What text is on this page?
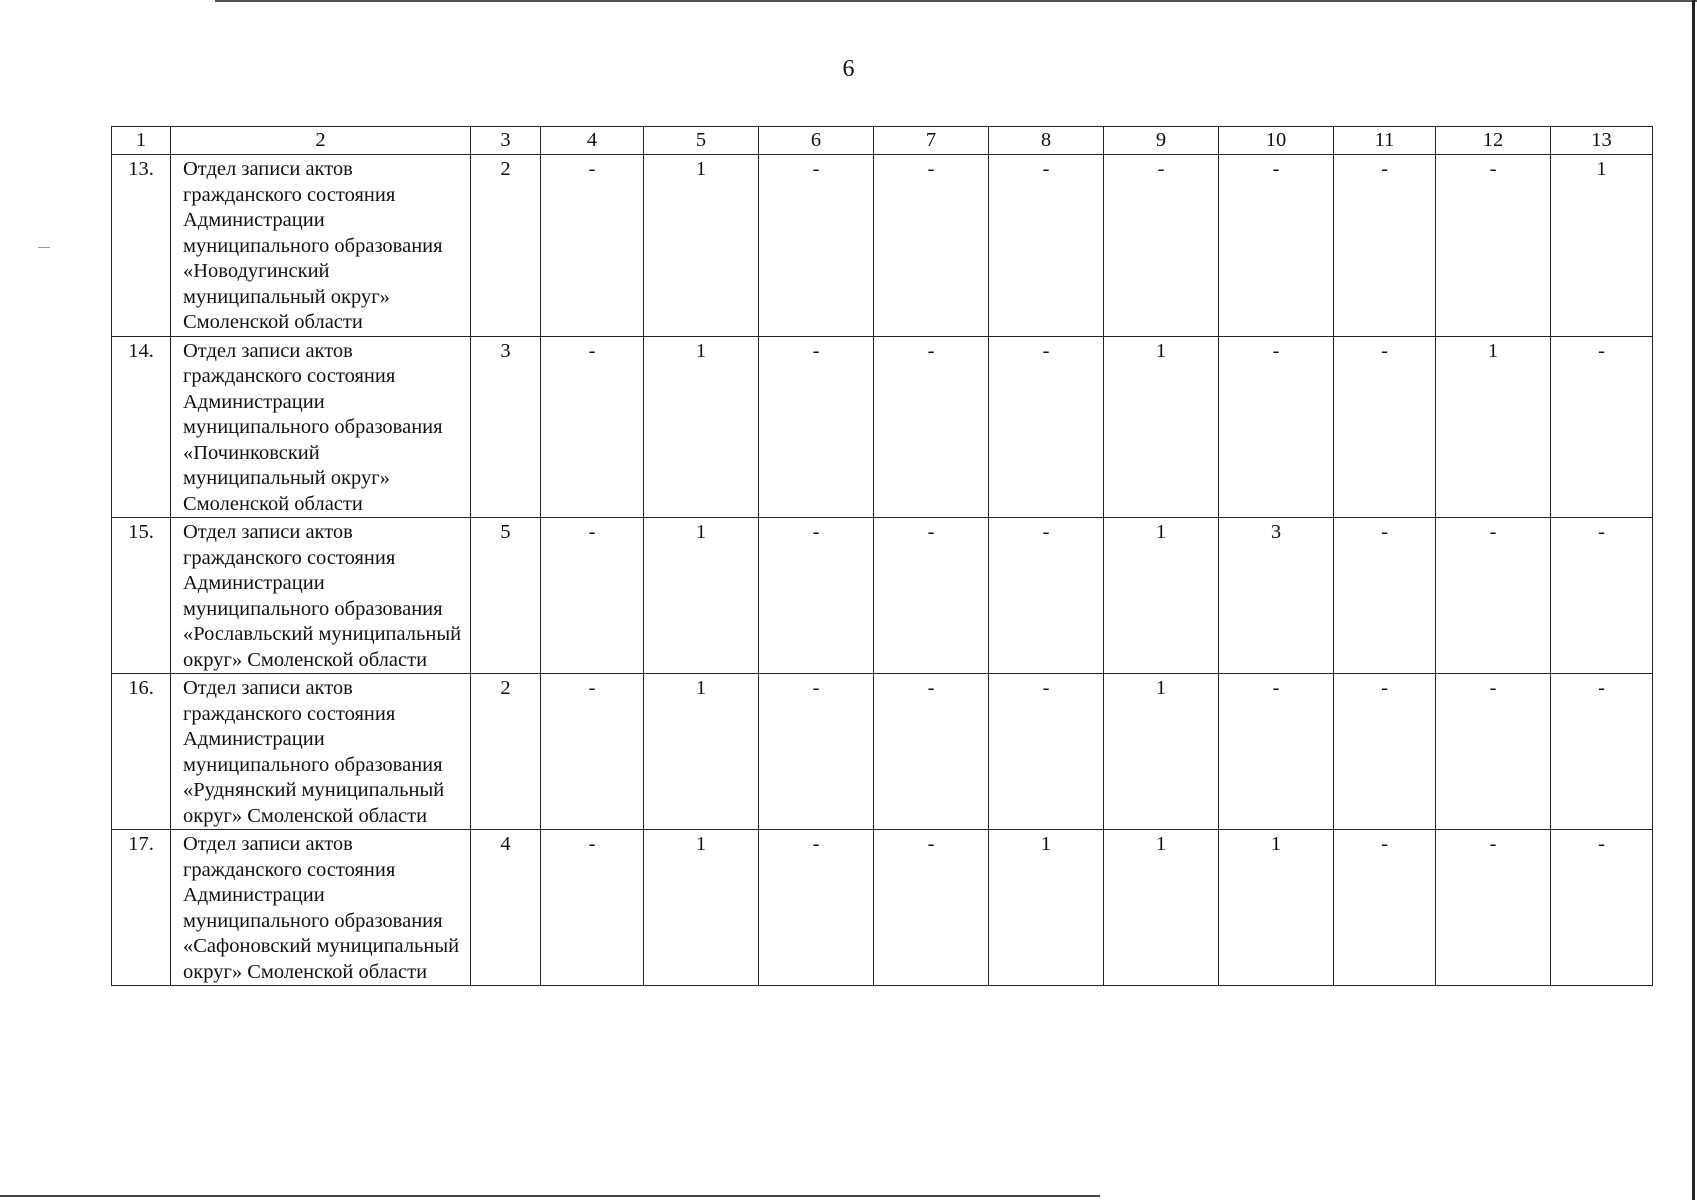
6
1	2	3	4	5	6	7	8	9	10	11	12	13
13.	Отдел записи актов гражданского состояния Администрации муниципального образования «Новодугинский муниципальный округ» Смоленской области	2	-	1	-	-	-	-	-	-	-	1
14.	Отдел записи актов гражданского состояния Администрации муниципального образования «Починковский муниципальный округ» Смоленской области	3	-	1	-	-	-	1	-	-	1	-
15.	Отдел записи актов гражданского состояния Администрации муниципального образования «Рославльский муниципальный округ» Смоленской области	5	-	1	-	-	-	1	3	-	-	-
16.	Отдел записи актов гражданского состояния Администрации муниципального образования «Руднянский муниципальный округ» Смоленской области	2	-	1	-	-	-	1	-	-	-	-
17.	Отдел записи актов гражданского состояния Администрации муниципального образования «Сафоновский муниципальный округ» Смоленской области	4	-	1	-	-	1	1	1	-	-	-
